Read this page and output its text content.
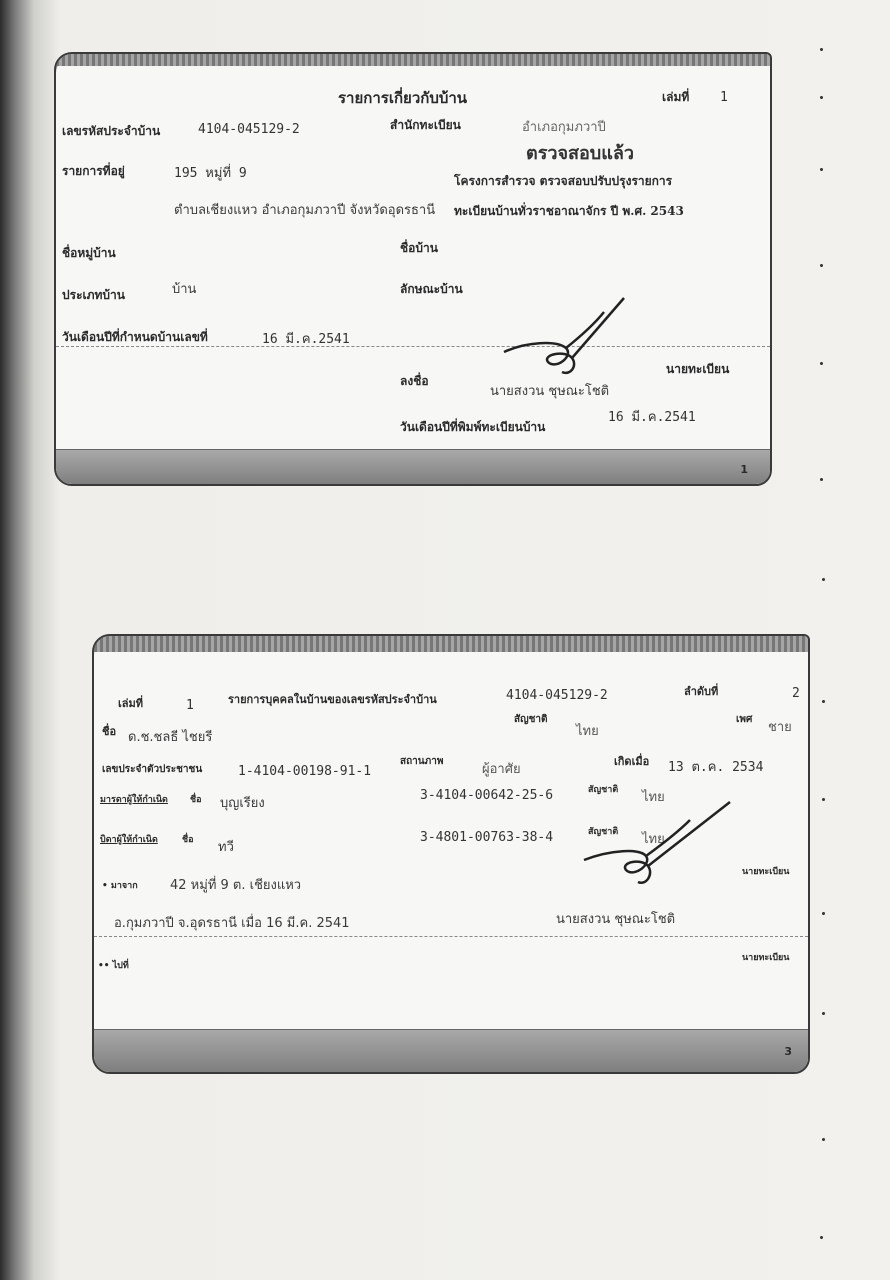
รายการเกี่ยวกับบ้าน	เล่มที่ 1
เลขรหัสประจำบ้าน	4104-045129-2	สำนักทะเบียน	อำเภอกุมภวาปี
ตรวจสอบแล้ว
รายการที่อยู่	195 หมู่ที่ 9	โครงการสำรวจ ตรวจสอบปรับปรุงรายการ
ตำบลเชียงแหว อำเภอกุมภวาปี จังหวัดอุดรธานี ทะเบียนบ้านทั่วราชอาณาจักร ปี พ.ศ. 2543
ชื่อหมู่บ้าน	ชื่อบ้าน
ประเภทบ้าน	บ้าน	ลักษณะบ้าน
วันเดือนปีที่กำหนดบ้านเลขที่	16 มี.ค.2541
ลงชื่อ
นายทะเบียน
นายสงวน ชุษณะโชติ
วันเดือนปีที่พิมพ์ทะเบียนบ้าน
16 มี.ค.2541
1
เล่มที่	1	รายการบุคคลในบ้านของเลขรหัสประจำบ้าน	4104-045129-2	ลำดับที่	2
ชื่อ ด.ช.ชลธี ไชยรี
สัญชาติ
ไทย
เพศ
ชาย
เลขประจำตัวประชาชน	1-4104-00198-91-1
สถานภาพ
ผู้อาศัย
เกิดเมื่อ 13 ต.ค. 2534
มารดาผู้ให้กำเนิด ชื่อ บุญเรียง
3-4104-00642-25-6	สัญชาติ ไทย
บิดาผู้ให้กำเนิด	ชื่อ ทวี
3-4801-00763-38-4	สัญชาติ ไทย
• มาจาก 42 หมู่ที่ 9 ต. เชียงแหว
นายทะเบียน
อ.กุมภวาปี จ.อุดรธานี เมื่อ 16 มี.ค. 2541	นายสงวน ชุษณะโชติ
•• ไปที่
นายทะเบียน
3
